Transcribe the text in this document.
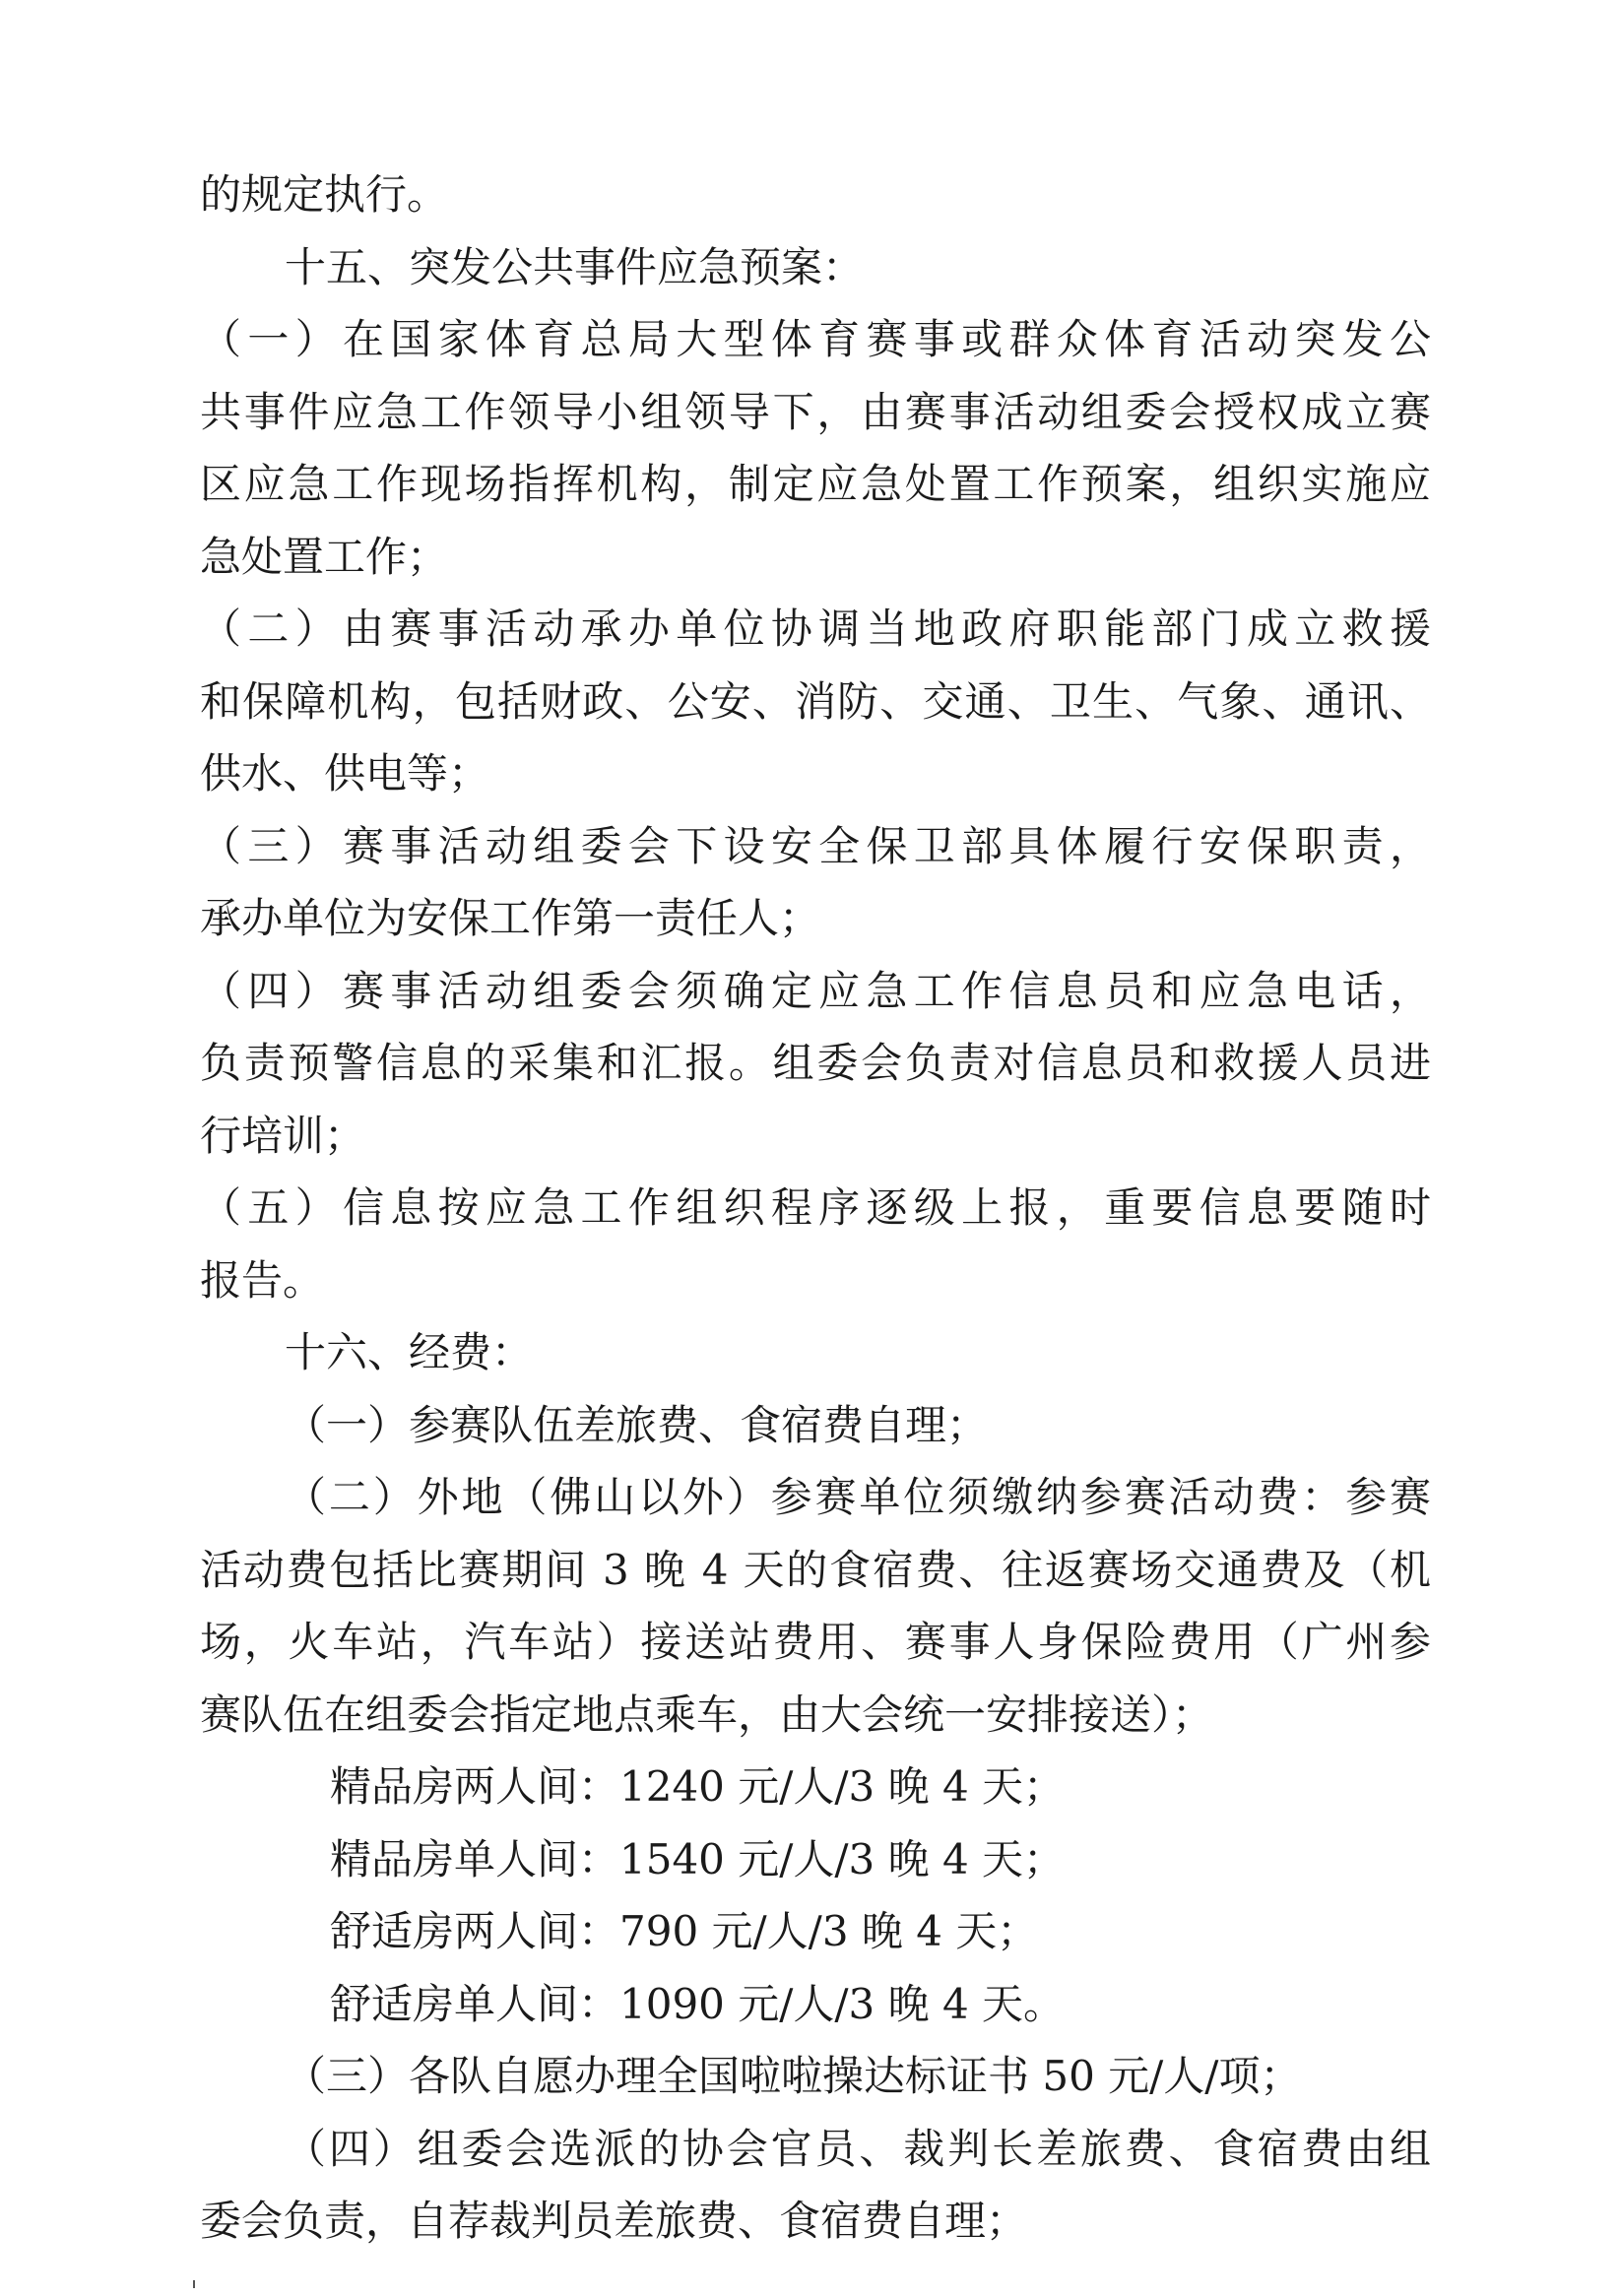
的规定执行。
十五、突发公共事件应急预案：
（一）在国家体育总局大型体育赛事或群众体育活动突发公
共事件应急工作领导小组领导下，由赛事活动组委会授权成立赛
区应急工作现场指挥机构，制定应急处置工作预案，组织实施应
急处置工作；
（二）由赛事活动承办单位协调当地政府职能部门成立救援
和保障机构，包括财政、公安、消防、交通、卫生、气象、通讯、
供水、供电等；
（三）赛事活动组委会下设安全保卫部具体履行安保职责，
承办单位为安保工作第一责任人；
（四）赛事活动组委会须确定应急工作信息员和应急电话，
负责预警信息的采集和汇报。组委会负责对信息员和救援人员进
行培训；
（五）信息按应急工作组织程序逐级上报，重要信息要随时
报告。
十六、经费：
（一）参赛队伍差旅费、食宿费自理；
（二）外地（佛山以外）参赛单位须缴纳参赛活动费：参赛
活动费包括比赛期间 3 晚 4 天的食宿费、往返赛场交通费及（机
场，火车站，汽车站）接送站费用、赛事人身保险费用（广州参
赛队伍在组委会指定地点乘车，由大会统一安排接送）；
精品房两人间：1240 元/人/3 晚 4 天；
精品房单人间：1540 元/人/3 晚 4 天；
舒适房两人间：790 元/人/3 晚 4 天；
舒适房单人间：1090 元/人/3 晚 4 天。
（三）各队自愿办理全国啦啦操达标证书 50 元/人/项；
（四）组委会选派的协会官员、裁判长差旅费、食宿费由组
委会负责，自荐裁判员差旅费、食宿费自理；
